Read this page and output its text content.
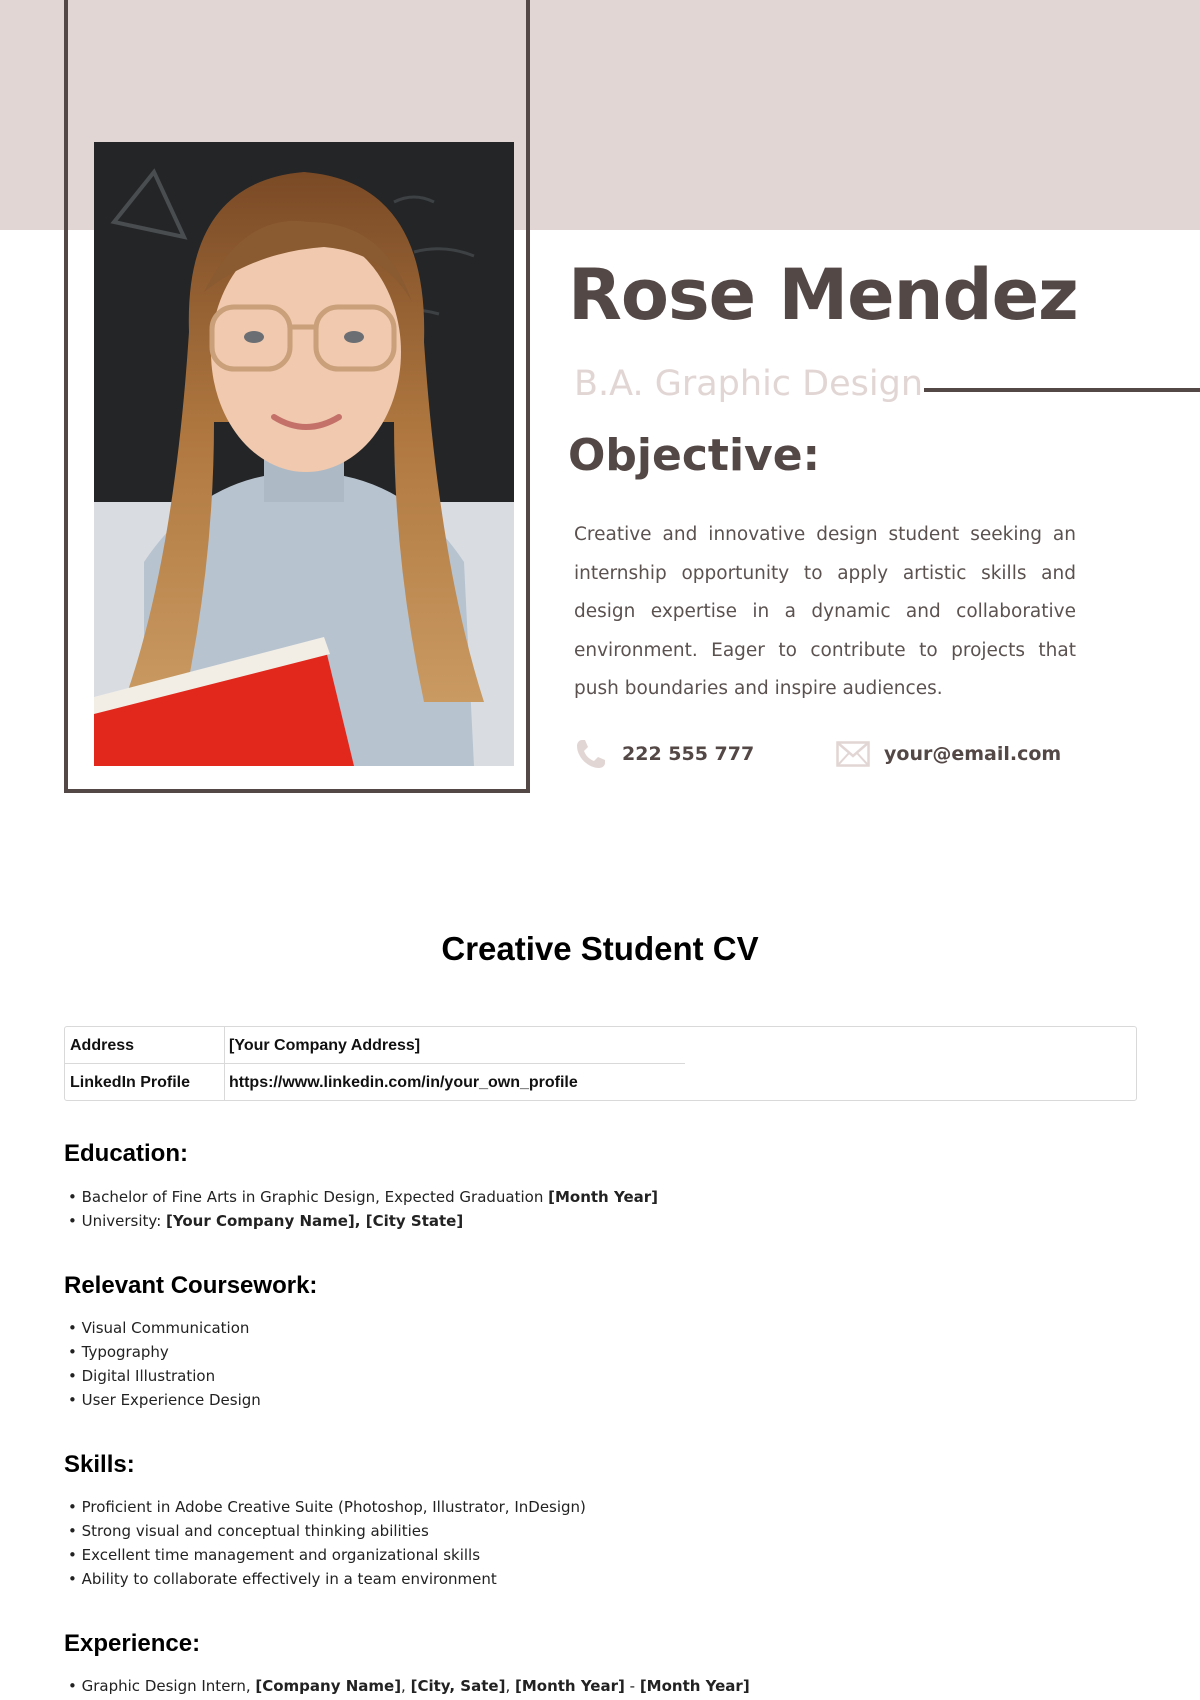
Rose Mendez
B.A. Graphic Design
Objective:

Creative and innovative design student seeking an internship opportunity to apply artistic skills and design expertise in a dynamic and collaborative environment. Eager to contribute to projects that push boundaries and inspire audiences.

222 555 777	your@email.com
Creative Student CV
Address	[Your Company Address]
LinkedIn Profile https://www.linkedin.com/in/your_own_profile
Education:
• Bachelor of Fine Arts in Graphic Design, Expected Graduation [Month Year]
• University: [Your Company Name], [City State]
Relevant Coursework:
• Visual Communication
• Typography
• Digital Illustration
• User Experience Design
Skills:
• Proficient in Adobe Creative Suite (Photoshop, Illustrator, InDesign)
• Strong visual and conceptual thinking abilities
• Excellent time management and organizational skills
• Ability to collaborate effectively in a team environment
Experience:
• Graphic Design Intern, [Company Name], [City, Sate], [Month Year] - [Month Year]
